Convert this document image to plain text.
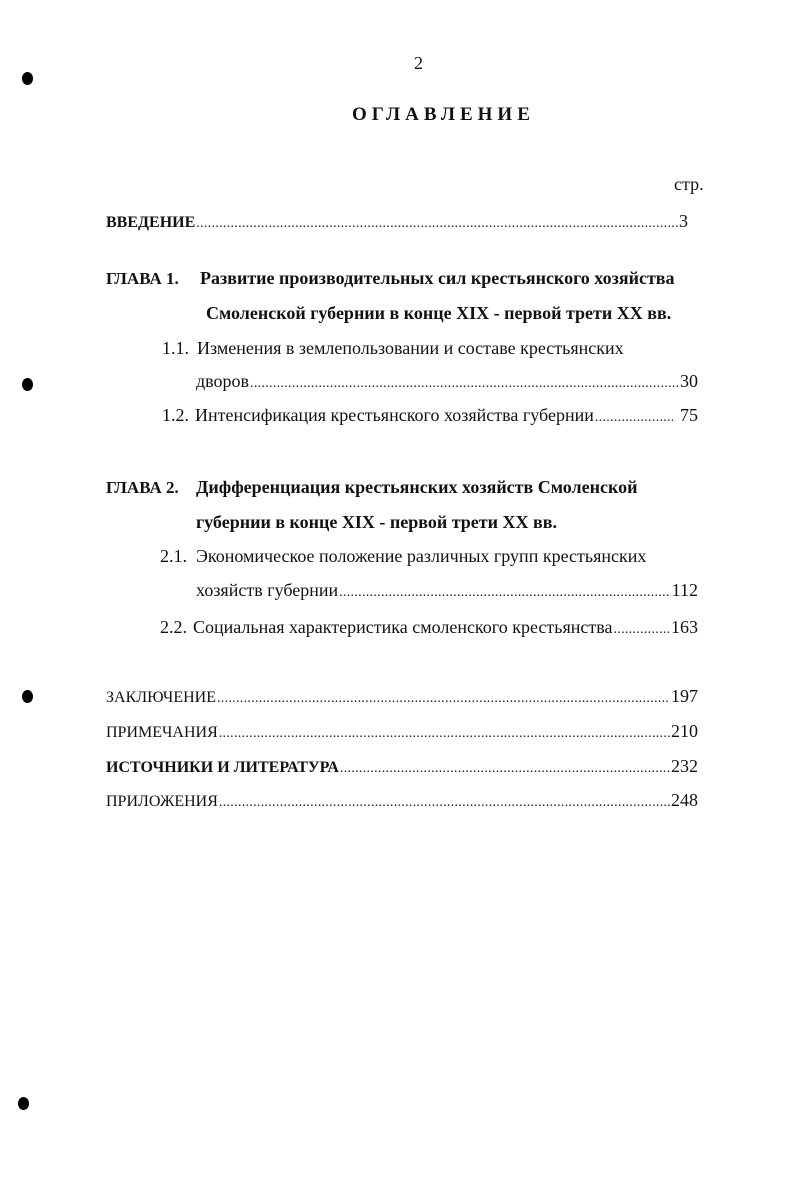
2
ОГЛАВЛЕНИЕ
стр.
ВВЕДЕНИЕ . . .	3
ГЛАВА 1. Развитие производительных сил крестьянского хозяйства
Смоленской губернии в конце XIX - первой трети XX вв.
1.1. Изменения в землепользовании и составе крестьянских
дворов . . .	30
1.2. Интенсификация крестьянского хозяйства губернии . . .	75
ГЛАВА 2. Дифференциация крестьянских хозяйств Смоленской
губернии в конце XIX - первой трети XX вв.
2.1. Экономическое положение различных групп крестьянских
хозяйств губернии . . .	112
2.2. Социальная характеристика смоленского крестьянства . . .	163
ЗАКЛЮЧЕНИЕ . . .	197
ПРИМЕЧАНИЯ . . .	210
ИСТОЧНИКИ И ЛИТЕРАТУРА . . .	232
ПРИЛОЖЕНИЯ . . .	248
